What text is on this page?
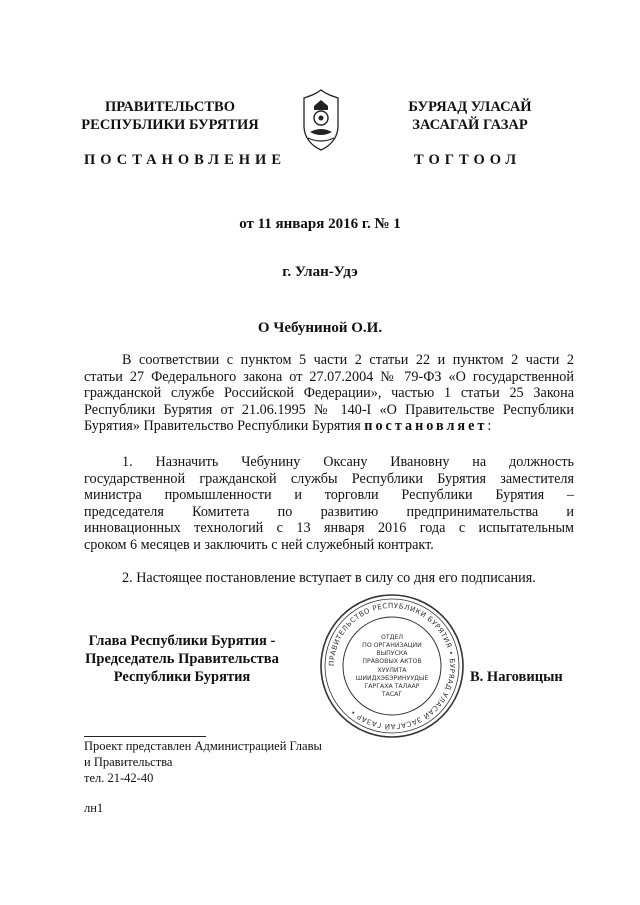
ПРАВИТЕЛЬСТВО
РЕСПУБЛИКИ БУРЯТИЯ
ПОСТАНОВЛЕНИЕ
БУРЯАД УЛАСАЙ
ЗАСАГАЙ ГАЗАР
ТОГТООЛ
от 11 января 2016 г. № 1
г. Улан-Удэ
О Чебуниной О.И.
В соответствии с пунктом 5 части 2 статьи 22 и пунктом 2 части 2
статьи 27 Федерального закона от 27.07.2004 № 79-ФЗ «О государственной
гражданской службе Российской Федерации», частью 1 статьи 25 Закона
Республики Бурятия от 21.06.1995 № 140-I «О Правительстве Республики
Бурятия» Правительство Республики Бурятия постановляет:
1. Назначить Чебунину Оксану Ивановну на должность
государственной гражданской службы Республики Бурятия заместителя
министра промышленности и торговли Республики Бурятия –
председателя Комитета по развитию предпринимательства и
инновационных технологий с 13 января 2016 года с испытательным
сроком 6 месяцев и заключить с ней служебный контракт.
2. Настоящее постановление вступает в силу со дня его подписания.
Глава Республики Бурятия -
Председатель Правительства
Республики Бурятия	В. Наговицын
ПРАВИТЕЛЬСТВО РЕСПУБЛИКИ БУРЯТИЯ • БУРЯАД УЛАСАЙ ЗАСАГАЙ ГАЗАР •
ОТДЕЛ
ПО ОРГАНИЗАЦИИ
ВЫПУСКА
ПРАВОВЫХ АКТОВ
ХУУЛИТА
ШИИДХЭБЭРИНУУДЫЕ
ГАРГАХА ТАЛААР
ТАСАГ
Проект представлен Администрацией Главы
и Правительства
тел. 21-42-40
лн1
